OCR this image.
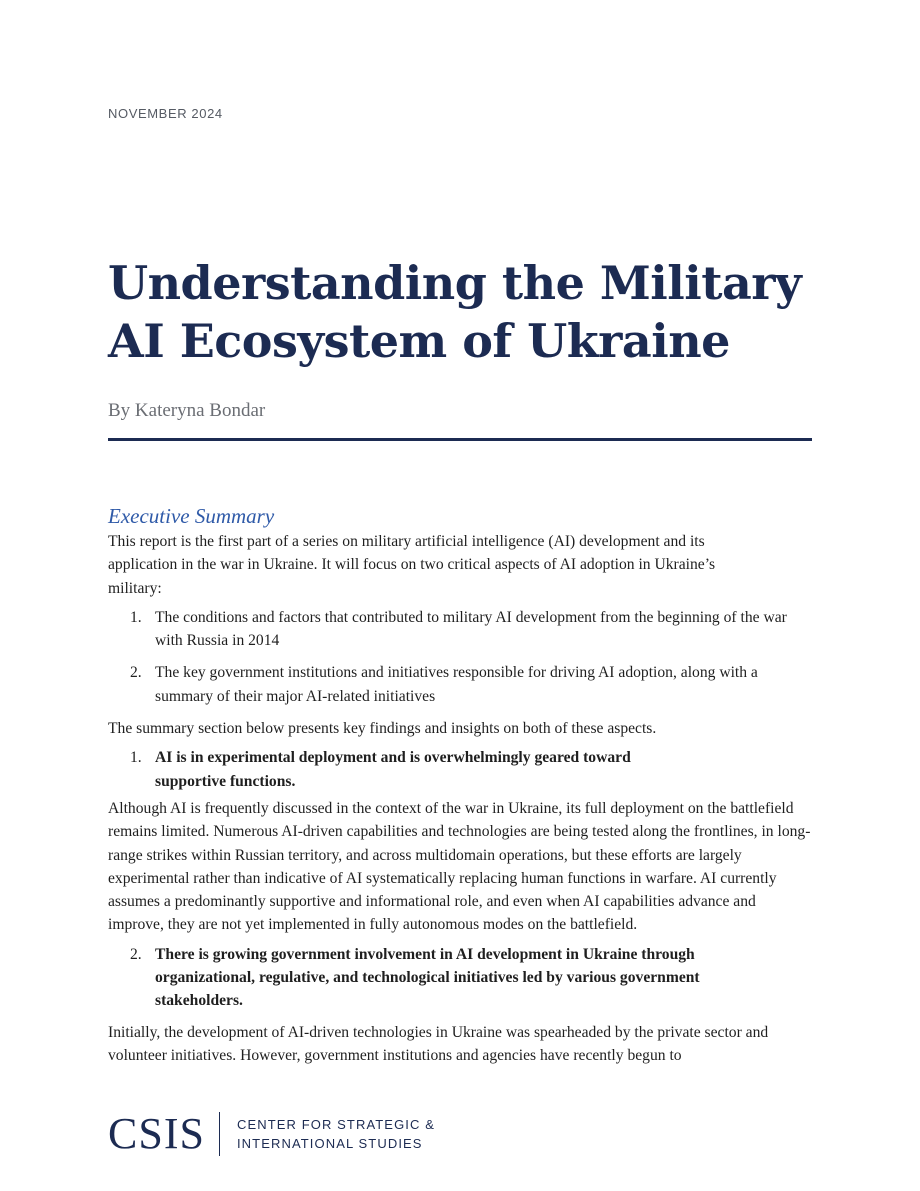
NOVEMBER 2024
Understanding the Military
AI Ecosystem of Ukraine
By Kateryna Bondar
Executive Summary

This report is the first part of a series on military artificial intelligence (AI) development and its application in the war in Ukraine. It will focus on two critical aspects of AI adoption in Ukraine’s military:

1. The conditions and factors that contributed to military AI development from the beginning of the war with Russia in 2014
2. The key government institutions and initiatives responsible for driving AI adoption, along with a summary of their major AI-related initiatives

The summary section below presents key findings and insights on both of these aspects.

1. AI is in experimental deployment and is overwhelmingly geared toward supportive functions.

Although AI is frequently discussed in the context of the war in Ukraine, its full deployment on the battlefield remains limited. Numerous AI-driven capabilities and technologies are being tested along the frontlines, in long-range strikes within Russian territory, and across multidomain operations, but these efforts are largely experimental rather than indicative of AI systematically replacing human functions in warfare. AI currently assumes a predominantly supportive and informational role, and even when AI capabilities advance and improve, they are not yet implemented in fully autonomous modes on the battlefield.

2. There is growing government involvement in AI development in Ukraine through organizational, regulative, and technological initiatives led by various government stakeholders.

Initially, the development of AI-driven technologies in Ukraine was spearheaded by the private sector and volunteer initiatives. However, government institutions and agencies have recently begun to

CSIS CENTER FOR STRATEGIC &
INTERNATIONAL STUDIES
